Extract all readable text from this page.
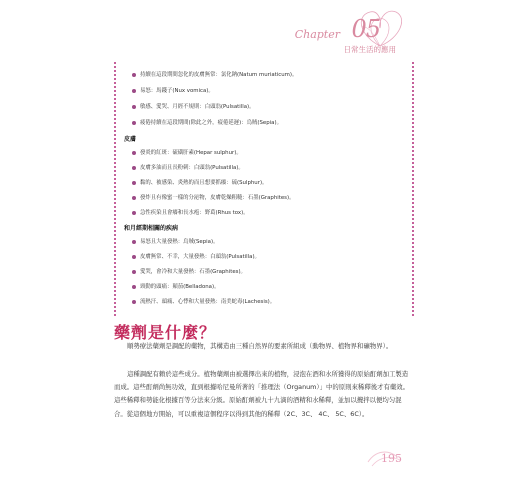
Chapter 05
日常生活的應用
持續在這段期間忽化的皮膚無常：氯化鈉(Natum muriaticum)。
易怒：馬錢子(Nux vomica)。
敏感、愛哭、月經不規則：白頭翁(Pulsatilla)。
疲倦持續在這段期間(除此之外，疲倦延遲)：烏賊(Sepia)。
皮膚
發炎的紅斑：硫磺肝素(Hepar sulphur)。
皮膚多油而且長粉刺：白頭翁(Pulsatilla)。
黏的、被感染、炎熱的而且想要抓癢：硫(Sulphur)。
發炸且有像蜜一樣的分泌物，皮膚乾燥粗糙：石墨(Graphites)。
急性疾染且會癢和長水疱：野葛(Rhus tox)。
和月經期相關的疾病
易怒且大量發熱：烏賊(Sepia)。
皮膚無常、不幸，大量發熱：白頭翁(Pulsatilla)。
愛哭，會冷和大量發熱：石墨(Graphites)。
頸動的頭痛：顛茄(Belladona)。
流熱汗、頭痛、心悸和大量發熱：南美蛇毒(Lachesis)。
藥劑是什麼？

順勢療法藥劑是調配的藥物，其構造由三種自然界的要素所組成（動物界、植物界和礦物界）。

這種調配有賴於這些成分。植物藥劑由被選擇出來的植物，浸泡在酒和水所獲得的原始酊劑加工製造而成。這些酊劑尚無功效，直到根據哈尼曼所著的「推理法（Organum）」中的原則來稀釋後才有藥效。這些稀釋和勢能化根據百等分法來分級。原始酊劑被九十九滴的酒精和水稀釋，並加以攪拌以便均匀混合。從這個地方開始，可以重複這個程序以得到其他的稀釋（2C、3C、 4C、 5C、6C）。

195
